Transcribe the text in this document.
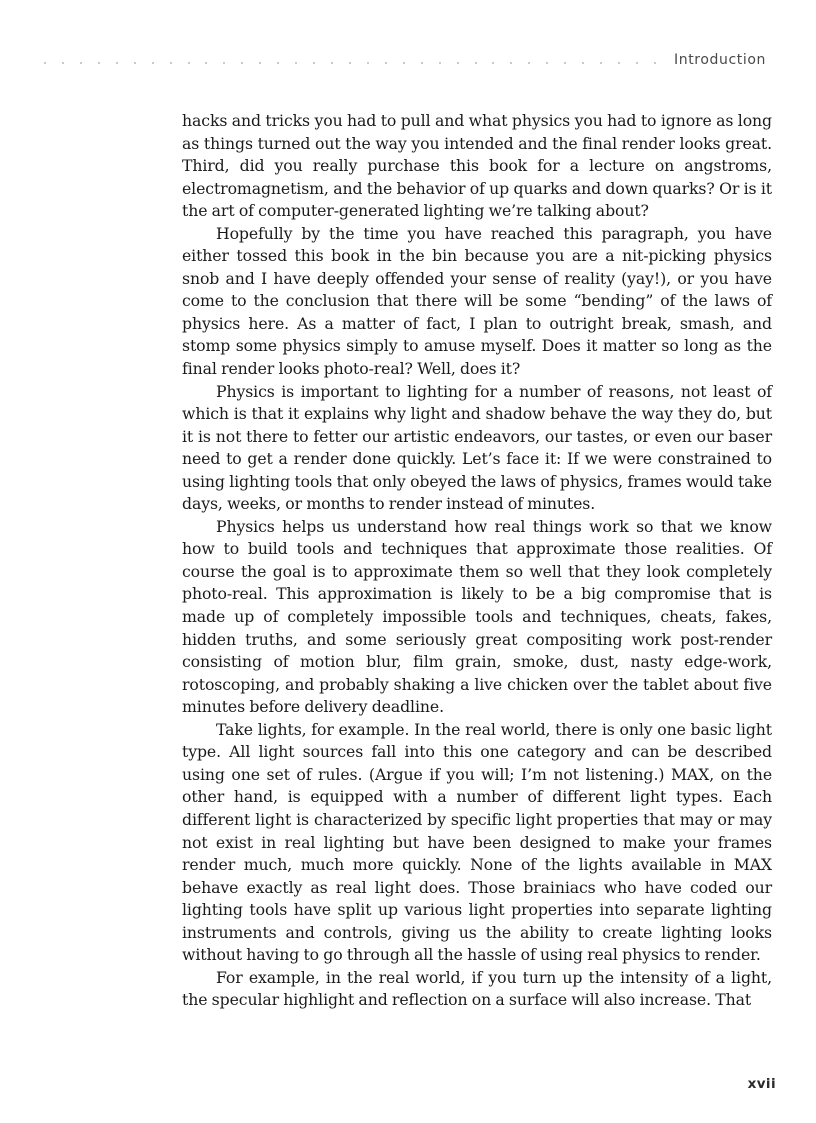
Introduction

hacks and tricks you had to pull and what physics you had to ignore as long as things turned out the way you intended and the final render looks great. Third, did you really purchase this book for a lecture on angstroms, electromagnetism, and the behavior of up quarks and down quarks? Or is it the art of computer-generated lighting we’re talking about?

Hopefully by the time you have reached this paragraph, you have either tossed this book in the bin because you are a nit-picking physics snob and I have deeply offended your sense of reality (yay!), or you have come to the conclusion that there will be some “bending” of the laws of physics here. As a matter of fact, I plan to outright break, smash, and stomp some physics simply to amuse myself. Does it matter so long as the final render looks photo-real? Well, does it?

Physics is important to lighting for a number of reasons, not least of which is that it explains why light and shadow behave the way they do, but it is not there to fetter our artistic endeavors, our tastes, or even our baser need to get a render done quickly. Let’s face it: If we were constrained to using lighting tools that only obeyed the laws of physics, frames would take days, weeks, or months to render instead of minutes.

Physics helps us understand how real things work so that we know how to build tools and techniques that approximate those realities. Of course the goal is to approximate them so well that they look completely photo-real. This approximation is likely to be a big compromise that is made up of completely impossible tools and techniques, cheats, fakes, hidden truths, and some seriously great compositing work post-render consisting of motion blur, film grain, smoke, dust, nasty edge-work, rotoscoping, and probably shaking a live chicken over the tablet about five minutes before delivery deadline.

Take lights, for example. In the real world, there is only one basic light type. All light sources fall into this one category and can be described using one set of rules. (Argue if you will; I’m not listening.) MAX, on the other hand, is equipped with a number of different light types. Each different light is characterized by specific light properties that may or may not exist in real lighting but have been designed to make your frames render much, much more quickly. None of the lights available in MAX behave exactly as real light does. Those brainiacs who have coded our lighting tools have split up various light properties into separate lighting instruments and controls, giving us the ability to create lighting looks without having to go through all the hassle of using real physics to render.

For example, in the real world, if you turn up the intensity of a light, the specular highlight and reflection on a surface will also increase. That

xvii
